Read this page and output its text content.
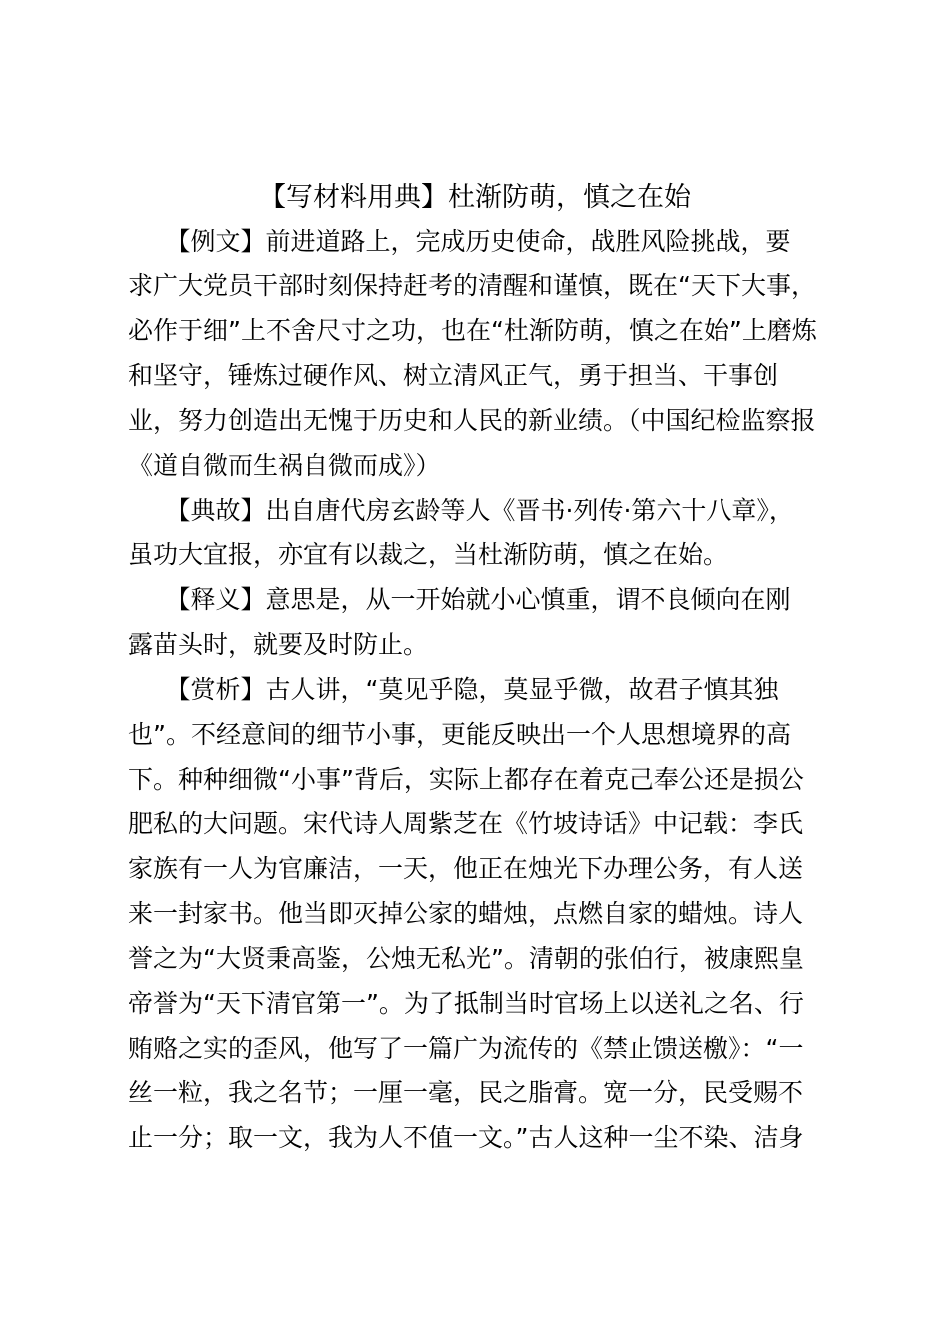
【写材料用典】杜渐防萌，慎之在始
　　【例文】前进道路上，完成历史使命，战胜风险挑战，要
求广大党员干部时刻保持赶考的清醒和谨慎，既在“天下大事，
必作于细”上不舍尺寸之功，也在“杜渐防萌，慎之在始”上磨炼
和坚守，锤炼过硬作风、树立清风正气，勇于担当、干事创
业，努力创造出无愧于历史和人民的新业绩。（中国纪检监察报
《道自微而生祸自微而成》）
　　【典故】出自唐代房玄龄等人《晋书·列传·第六十八章》，
虽功大宜报，亦宜有以裁之，当杜渐防萌，慎之在始。
　　【释义】意思是，从一开始就小心慎重，谓不良倾向在刚
露苗头时，就要及时防止。
　　【赏析】古人讲，“莫见乎隐，莫显乎微，故君子慎其独
也”。不经意间的细节小事，更能反映出一个人思想境界的高
下。种种细微“小事”背后，实际上都存在着克己奉公还是损公
肥私的大问题。宋代诗人周紫芝在《竹坡诗话》中记载：李氏
家族有一人为官廉洁，一天，他正在烛光下办理公务，有人送
来一封家书。他当即灭掉公家的蜡烛，点燃自家的蜡烛。诗人
誉之为“大贤秉高鉴，公烛无私光”。清朝的张伯行，被康熙皇
帝誉为“天下清官第一”。为了抵制当时官场上以送礼之名、行
贿赂之实的歪风，他写了一篇广为流传的《禁止馈送檄》：“一
丝一粒，我之名节；一厘一毫，民之脂膏。宽一分，民受赐不
止一分；取一文，我为人不值一文。”古人这种一尘不染、洁身
